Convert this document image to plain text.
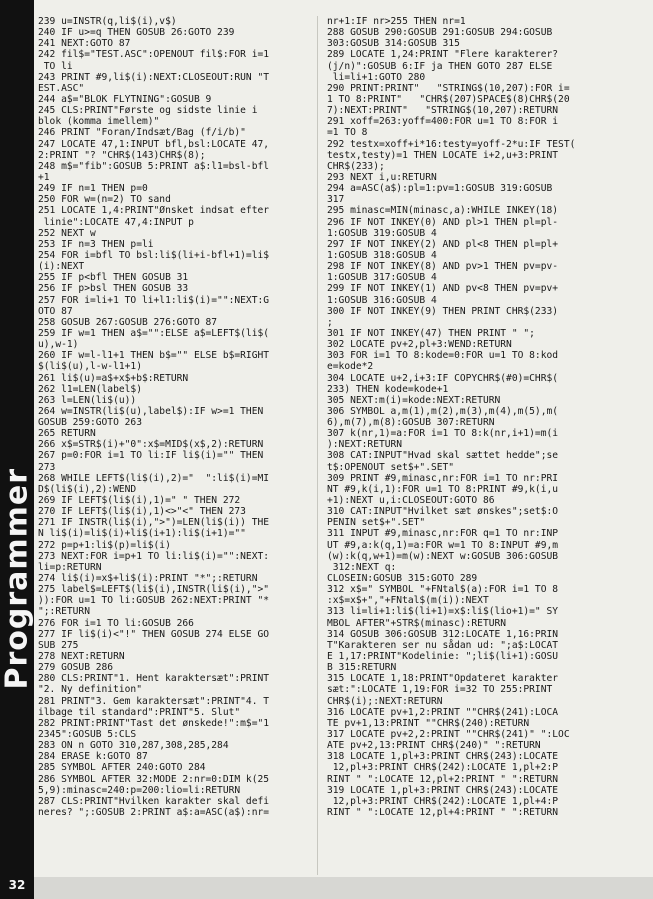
Programmer
32
239 u=INSTR(q,li$(i),v$)
240 IF u>=q THEN GOSUB 26:GOTO 239
241 NEXT:GOTO 87
242 fil$="TEST.ASC":OPENOUT fil$:FOR i=1
TO li
243 PRINT #9,li$(i):NEXT:CLOSEOUT:RUN "T
EST.ASC"
244 a$="BLOK FLYTNING":GOSUB 9
245 CLS:PRINT"Første og sidste linie i
blok (komma imellem)"
246 PRINT "Foran/Indsæt/Bag (f/i/b)"
247 LOCATE 47,1:INPUT bfl,bsl:LOCATE 47,
2:PRINT "? "CHR$(143)CHR$(8);
248 m$="fib":GOSUB 5:PRINT a$:l1=bsl-bfl
+1
249 IF n=1 THEN p=0
250 FOR w=(n=2) TO sand
251 LOCATE 1,4:PRINT"Ønsket indsat efter
linie":LOCATE 47,4:INPUT p
252 NEXT w
253 IF n=3 THEN p=li
254 FOR i=bfl TO bsl:li$(li+i-bfl+1)=li$
(i):NEXT
255 IF p<bfl THEN GOSUB 31
256 IF p>bsl THEN GOSUB 33
257 FOR i=li+1 TO li+l1:li$(i)="":NEXT:G
OTO 87
258 GOSUB 267:GOSUB 276:GOTO 87
259 IF w=1 THEN a$="":ELSE a$=LEFT$(li$(
u),w-1)
260 IF w=l-l1+1 THEN b$="" ELSE b$=RIGHT
$(li$(u),l-w-l1+1)
261 li$(u)=a$+x$+b$:RETURN
262 l1=LEN(label$)
263 l=LEN(li$(u))
264 w=INSTR(li$(u),label$):IF w>=1 THEN
GOSUB 259:GOTO 263
265 RETURN
266 x$=STR$(i)+"0":x$=MID$(x$,2):RETURN
267 p=0:FOR i=1 TO li:IF li$(i)="" THEN
273
268 WHILE LEFT$(li$(i),2)="  ":li$(i)=MI
D$(li$(i),2):WEND
269 IF LEFT$(li$(i),1)=" " THEN 272
270 IF LEFT$(li$(i),1)<>"<" THEN 273
271 IF INSTR(li$(i),">")=LEN(li$(i)) THE
N li$(i)=li$(i)+li$(i+1):li$(i+1)=""
272 p=p+1:li$(p)=li$(i)
273 NEXT:FOR i=p+1 TO li:li$(i)="":NEXT:
li=p:RETURN
274 li$(i)=x$+li$(i):PRINT "*";:RETURN
275 label$=LEFT$(li$(i),INSTR(li$(i),">"
)):FOR u=1 TO li:GOSUB 262:NEXT:PRINT "*
";:RETURN
276 FOR i=1 TO li:GOSUB 266
277 IF li$(i)<"!" THEN GOSUB 274 ELSE GO
SUB 275
278 NEXT:RETURN
279 GOSUB 286
280 CLS:PRINT"1. Hent karaktersæt":PRINT
"2. Ny definition"
281 PRINT"3. Gem karaktersæt":PRINT"4. T
ilbage til standard":PRINT"5. Slut"
282 PRINT:PRINT"Tast det ønskede!":m$="1
2345":GOSUB 5:CLS
283 ON n GOTO 310,287,308,285,284
284 ERASE k:GOTO 87
285 SYMBOL AFTER 240:GOTO 284
286 SYMBOL AFTER 32:MODE 2:nr=0:DIM k(25
5,9):minasc=240:p=200:lio=li:RETURN
287 CLS:PRINT"Hvilken karakter skal defi
neres? ";:GOSUB 2:PRINT a$:a=ASC(a$):nr=
nr+1:IF nr>255 THEN nr=1
288 GOSUB 290:GOSUB 291:GOSUB 294:GOSUB
303:GOSUB 314:GOSUB 315
289 LOCATE 1,24:PRINT "Flere karakterer?
(j/n)":GOSUB 6:IF ja THEN GOTO 287 ELSE
li=li+1:GOTO 280
290 PRINT:PRINT"   "STRING$(10,207):FOR i=
1 TO 8:PRINT"   "CHR$(207)SPACE$(8)CHR$(20
7):NEXT:PRINT"   "STRING$(10,207):RETURN
291 xoff=263:yoff=400:FOR u=1 TO 8:FOR i
=1 TO 8
292 testx=xoff+i*16:testy=yoff-2*u:IF TEST(
testx,testy)=1 THEN LOCATE i+2,u+3:PRINT
CHR$(233);
293 NEXT i,u:RETURN
294 a=ASC(a$):pl=1:pv=1:GOSUB 319:GOSUB
317
295 minasc=MIN(minasc,a):WHILE INKEY(18)
296 IF NOT INKEY(0) AND pl>1 THEN pl=pl-
1:GOSUB 319:GOSUB 4
297 IF NOT INKEY(2) AND pl<8 THEN pl=pl+
1:GOSUB 318:GOSUB 4
298 IF NOT INKEY(8) AND pv>1 THEN pv=pv-
1:GOSUB 317:GOSUB 4
299 IF NOT INKEY(1) AND pv<8 THEN pv=pv+
1:GOSUB 316:GOSUB 4
300 IF NOT INKEY(9) THEN PRINT CHR$(233)
;
301 IF NOT INKEY(47) THEN PRINT " ";
302 LOCATE pv+2,pl+3:WEND:RETURN
303 FOR i=1 TO 8:kode=0:FOR u=1 TO 8:kod
e=kode*2
304 LOCATE u+2,i+3:IF COPYCHR$(#0)=CHR$(
233) THEN kode=kode+1
305 NEXT:m(i)=kode:NEXT:RETURN
306 SYMBOL a,m(1),m(2),m(3),m(4),m(5),m(
6),m(7),m(8):GOSUB 307:RETURN
307 k(nr,1)=a:FOR i=1 TO 8:k(nr,i+1)=m(i
):NEXT:RETURN
308 CAT:INPUT"Hvad skal sættet hedde";se
t$:OPENOUT set$+".SET"
309 PRINT #9,minasc,nr:FOR i=1 TO nr:PRI
NT #9,k(i,1):FOR u=1 TO 8:PRINT #9,k(i,u
+1):NEXT u,i:CLOSEOUT:GOTO 86
310 CAT:INPUT"Hvilket sæt ønskes";set$:O
PENIN set$+".SET"
311 INPUT #9,minasc,nr:FOR q=1 TO nr:INP
UT #9,a:k(q,1)=a:FOR w=1 TO 8:INPUT #9,m
(w):k(q,w+1)=m(w):NEXT w:GOSUB 306:GOSUB
312:NEXT q:
CLOSEIN:GOSUB 315:GOTO 289
312 x$=" SYMBOL "+FNtal$(a):FOR i=1 TO 8
:x$=x$+","+FNtal$(m(i)):NEXT
313 li=li+1:li$(li+1)=x$:li$(lio+1)=" SY
MBOL AFTER"+STR$(minasc):RETURN
314 GOSUB 306:GOSUB 312:LOCATE 1,16:PRIN
T"Karakteren ser nu sådan ud: ";a$:LOCAT
E 1,17:PRINT"Kodelinie: ";li$(li+1):GOSU
B 315:RETURN
315 LOCATE 1,18:PRINT"Opdateret karakter
sæt:":LOCATE 1,19:FOR i=32 TO 255:PRINT
CHR$(i);:NEXT:RETURN
316 LOCATE pv+1,2:PRINT ""CHR$(241):LOCA
TE pv+1,13:PRINT ""CHR$(240):RETURN
317 LOCATE pv+2,2:PRINT ""CHR$(241)" ":LOC
ATE pv+2,13:PRINT CHR$(240)" ":RETURN
318 LOCATE 1,pl+3:PRINT CHR$(243):LOCATE
12,pl+3:PRINT CHR$(242):LOCATE 1,pl+2:P
RINT " ":LOCATE 12,pl+2:PRINT " ":RETURN
319 LOCATE 1,pl+3:PRINT CHR$(243):LOCATE
12,pl+3:PRINT CHR$(242):LOCATE 1,pl+4:P
RINT " ":LOCATE 12,pl+4:PRINT " ":RETURN
